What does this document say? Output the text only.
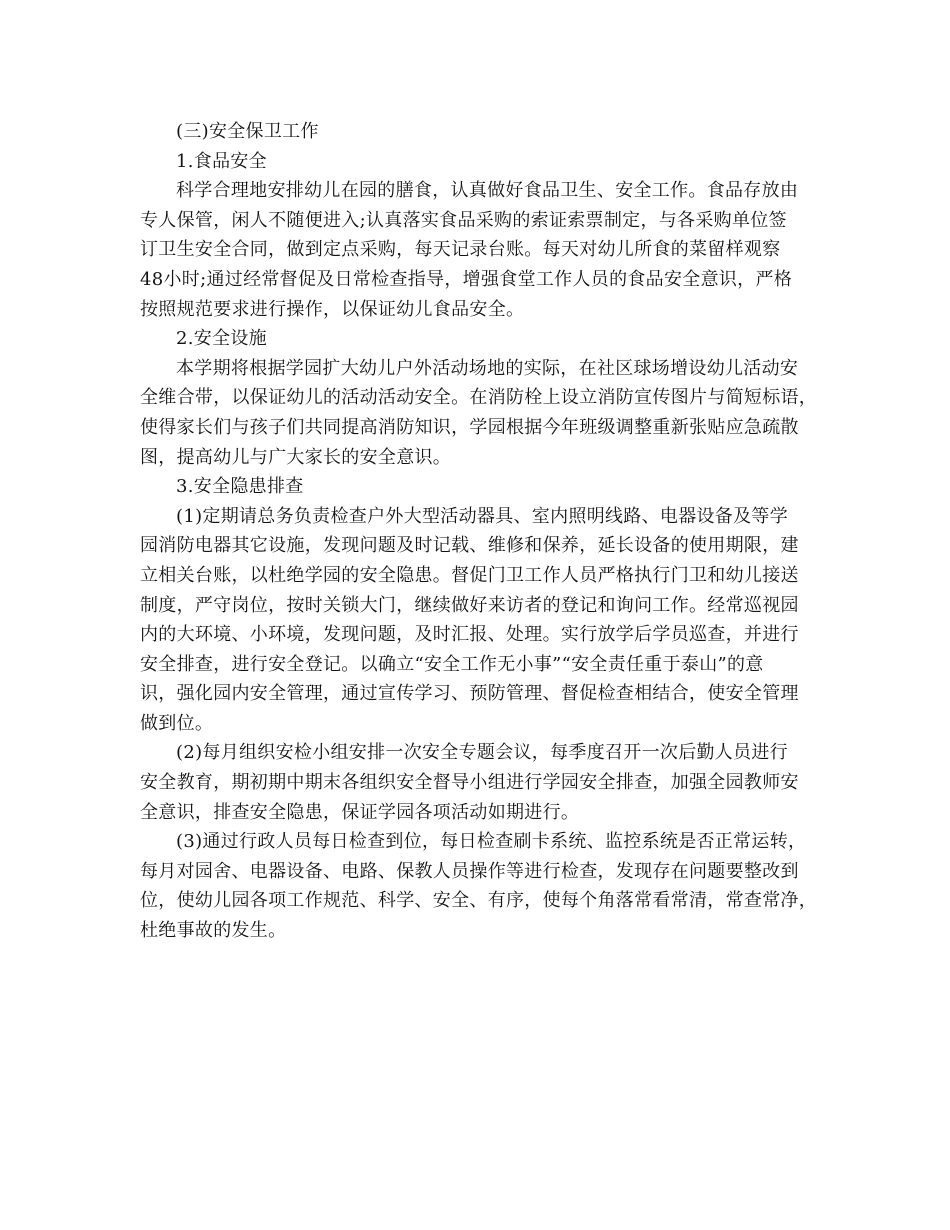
(三)安全保卫工作
1.食品安全
科学合理地安排幼儿在园的膳食，认真做好食品卫生、安全工作。食品存放由
专人保管，闲人不随便进入;认真落实食品采购的索证索票制定，与各采购单位签
订卫生安全合同，做到定点采购，每天记录台账。每天对幼儿所食的菜留样观察
48小时;通过经常督促及日常检查指导，增强食堂工作人员的食品安全意识，严格
按照规范要求进行操作，以保证幼儿食品安全。
2.安全设施
本学期将根据学园扩大幼儿户外活动场地的实际，在社区球场增设幼儿活动安
全维合带，以保证幼儿的活动活动安全。在消防栓上设立消防宣传图片与简短标语，
使得家长们与孩子们共同提高消防知识，学园根据今年班级调整重新张贴应急疏散
图，提高幼儿与广大家长的安全意识。
3.安全隐患排查
(1)定期请总务负责检查户外大型活动器具、室内照明线路、电器设备及等学
园消防电器其它设施，发现问题及时记载、维修和保养，延长设备的使用期限，建
立相关台账，以杜绝学园的安全隐患。督促门卫工作人员严格执行门卫和幼儿接送
制度，严守岗位，按时关锁大门，继续做好来访者的登记和询问工作。经常巡视园
内的大环境、小环境，发现问题，及时汇报、处理。实行放学后学员巡查，并进行
安全排查，进行安全登记。以确立“安全工作无小事”“安全责任重于泰山”的意
识，强化园内安全管理，通过宣传学习、预防管理、督促检查相结合，使安全管理
做到位。
(2)每月组织安检小组安排一次安全专题会议，每季度召开一次后勤人员进行
安全教育，期初期中期末各组织安全督导小组进行学园安全排查，加强全园教师安
全意识，排查安全隐患，保证学园各项活动如期进行。
(3)通过行政人员每日检查到位，每日检查刷卡系统、监控系统是否正常运转，
每月对园舍、电器设备、电路、保教人员操作等进行检查，发现存在问题要整改到
位，使幼儿园各项工作规范、科学、安全、有序，使每个角落常看常清，常查常净，
杜绝事故的发生。
